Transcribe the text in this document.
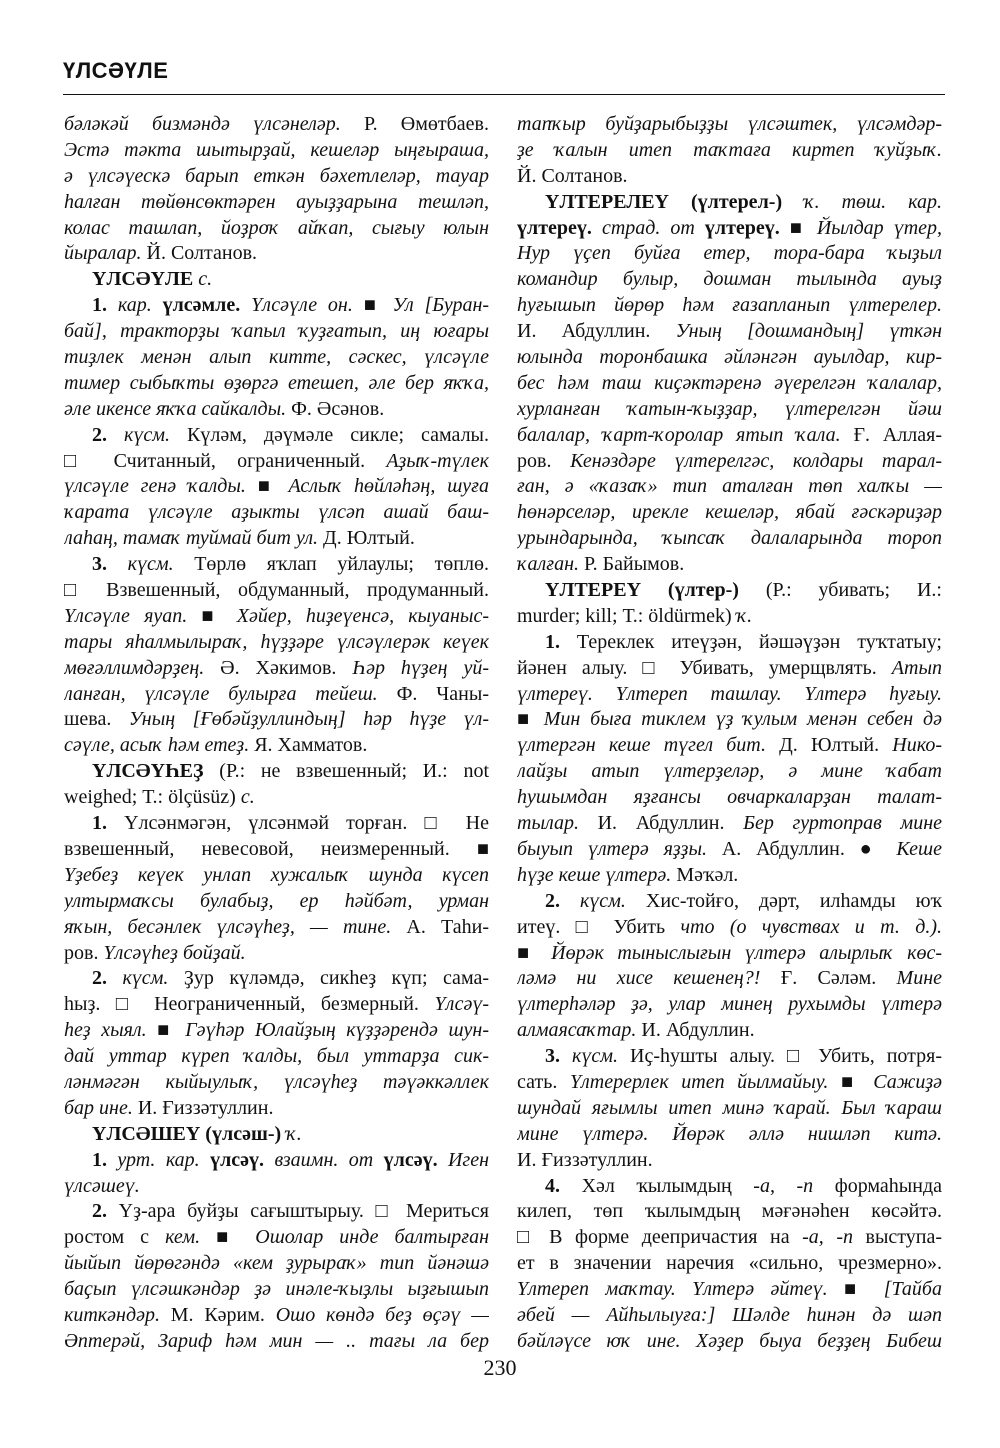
ҮЛСӘҮЛЕ
бәләкәй бизмәндә үлсәнеләр. Р. Өмөтбаев.
Эстә тәкта шытырҙай, кешеләр ыңғыраша,
ә үлсәүескә барып еткән бәхетлеләр, тауар
һалған төйөнсөктәрен ауыҙҙарына тешләп,
колас ташлап, йоҙроҡ айҡап, сығыу юлын
йыралар. Й. Солтанов.
ҮЛСӘҮЛЕ с.
1. кар. үлсәмле. Үлсәүле он. ■ Ул [Буран-
бай], тракторҙы ҡапыл ҡуҙғатып, иң юғары
тиҙлек менән алып китте, сәскес, үлсәүле
тимер сыбыҡты өҙөргә етешеп, әле бер яҡҡа,
әле икенсе яҡҡа сайкалды. Ф. Әсәнов.
2. күсм. Күләм, дәүмәле сикле; самалы.
□ Считанный, ограниченный. Аҙыҡ-түлек
үлсәүле генә ҡалды. ■ Аслыҡ һөйләһәң, шуға
ҡарата үлсәүле аҙыкты үлсәп ашай баш-
лаһаң, тамаҡ туймай бит ул. Д. Юлтый.
3. күсм. Төрлө яҡлап уйлаулы; төплө.
□ Взвешенный, обдуманный, продуманный.
Үлсәүле яуап. ■ Хәйер, һиҙеүенсә, кыуаныс-
тары яһалмылыраҡ, һүҙҙәре үлсәүлерәк кеүек
мөғәллимдәрҙең. Ә. Хәкимов. Һәр һүҙең уй-
ланған, үлсәүле булырға тейеш. Ф. Чаны-
шева. Уның [Ғөбәйҙуллиндың] һәр һүҙе үл-
сәүле, асыҡ һәм етеҙ. Я. Хамматов.
ҮЛСӘҮҺЕҘ (Р.: не взвешенный; И.: not
weighed; Т.: ölçüsüz) с.
1. Үлсәнмәгән, үлсәнмәй торған. □ Не
взвешенный, невесовой, неизмеренный. ■
Үҙебеҙ кеүек унлап хужалыҡ шунда күсеп
ултырмаҡсы булабыҙ, ер һәйбәт, урман
яҡын, бесәнлек үлсәүһеҙ, — тине. А. Таһи-
ров. Үлсәүһеҙ бойҙай.
2. күсм. Ҙур күләмдә, сикһеҙ күп; сама-
һыҙ. □ Неограниченный, безмерный. Үлсәү-
һеҙ хыял. ■ Гәүһәр Юлайҙың күҙҙәрендә шун-
дай уттар күреп ҡалды, был уттарҙа сик-
ләнмәгән кыйыулыҡ, үлсәүһеҙ тәүәккәллек
бар ине. И. Ғиззәтуллин.
ҮЛСӘШЕҮ (үлсәш-) ҡ.
1. урт. кар. үлсәү. взаимн. от үлсәү. Иген
үлсәшеү.
2. Үҙ-ара буйҙы сағыштырыу. □ Мериться
ростом с кем. ■ Ошолар инде балтырған
йыйып йөрөгәндә «кем ҙурыраҡ» тип йәнәшә
баҫып үлсәшкәндәр ҙә инәле-ҡыҙлы ыҙғышып
киткәндәр. М. Кәрим. Ошо көндә беҙ өҫәү —
Әптерәй, Зариф һәм мин — .. тағы ла бер
тапҡыр буйҙарыбыҙҙы үлсәштек, үлсәмдәр-
ҙе ҡалын итеп таҡтаға киртеп ҡуйҙыҡ.
Й. Солтанов.
ҮЛТЕРЕЛЕҮ (үлтерел-) ҡ. төш. кар.
үлтереү. страд. от үлтереү. ■ Йылдар үтер,
Нур үҫеп буйға етер, тора-бара ҡыҙыл
командир булыр, дошман тылында ауыҙ
һуғышып йөрөр һәм ғазапланып үлтерелер.
И. Абдуллин. Уның [дошмандың] үткән
юлында торонбашка әйләнгән ауылдар, кир-
бес һәм таш киҫәктәренә әүерелгән ҡалалар,
хурланған ҡатын-ҡыҙҙар, үлтерелгән йәш
балалар, ҡарт-ҡоролар ятып ҡала. Ғ. Аллая-
ров. Кенәздәре үлтерелгәс, колдары тарал-
ған, ә «ҡазаҡ» тип аталған төп халҡы —
һөнәрселәр, ирекле кешеләр, ябай ғәскәриҙәр
урындарында, ҡыпсаҡ далаларында тороп
ҡалған. Р. Байымов.
ҮЛТЕРЕҮ (үлтер-) (Р.: убивать; И.:
murder; kill; Т.: öldürmek) ҡ.
1. Тереклек итеүҙән, йәшәүҙән туҡтатыу;
йәнен алыу. □ Убивать, умерщвлять. Атып
үлтереү. Үлтереп ташлау. Үлтерә һуғыу.
■ Мин быға тиклем үҙ ҡулым менән себен дә
үлтергән кеше түгел бит. Д. Юлтый. Нико-
лайҙы атып үлтерҙеләр, ә мине ҡабат
һушымдан яҙғансы овчаркаларҙан талат-
тылар. И. Абдуллин. Бер гуртоправ мине
быуып үлтерә яҙҙы. А. Абдуллин. ● Кеше
һүҙе кеше үлтерә. Мәҡәл.
2. күсм. Хис-тойғо, дәрт, илһамды юҡ
итеү. □ Убить что (о чувствах и т. д.).
■ Йөрәк тыныслығын үлтерә алырлыҡ көс-
ләмә ни хисе кешенең?! Ғ. Сәләм. Мине
үлтерһәләр ҙә, улар минең рухымды үлтерә
алмаясаҡтар. И. Абдуллин.
3. күсм. Иҫ-һушты алыу. □ Убить, потря-
сать. Үлтерерлек итеп йылмайыу. ■ Сажиҙә
шундай яғымлы итеп минә ҡарай. Был ҡараш
мине үлтерә. Йөрәк әллә нишләп китә.
И. Ғиззәтуллин.
4. Хәл ҡылымдың -а, -п формаһында
килеп, төп ҡылымдың мәғәнәһен көсәйтә.
□ В форме деепричастия на -а, -п выступа-
ет в значении наречия «сильно, чрезмерно».
Үлтереп маҡтау. Үлтерә әйтеү. ■ [Тайба
әбей — Айһылыуға:] Шәлде һинән дә шәп
бәйләүсе юҡ ине. Хәҙер быуа беҙҙең Бибеш
230
